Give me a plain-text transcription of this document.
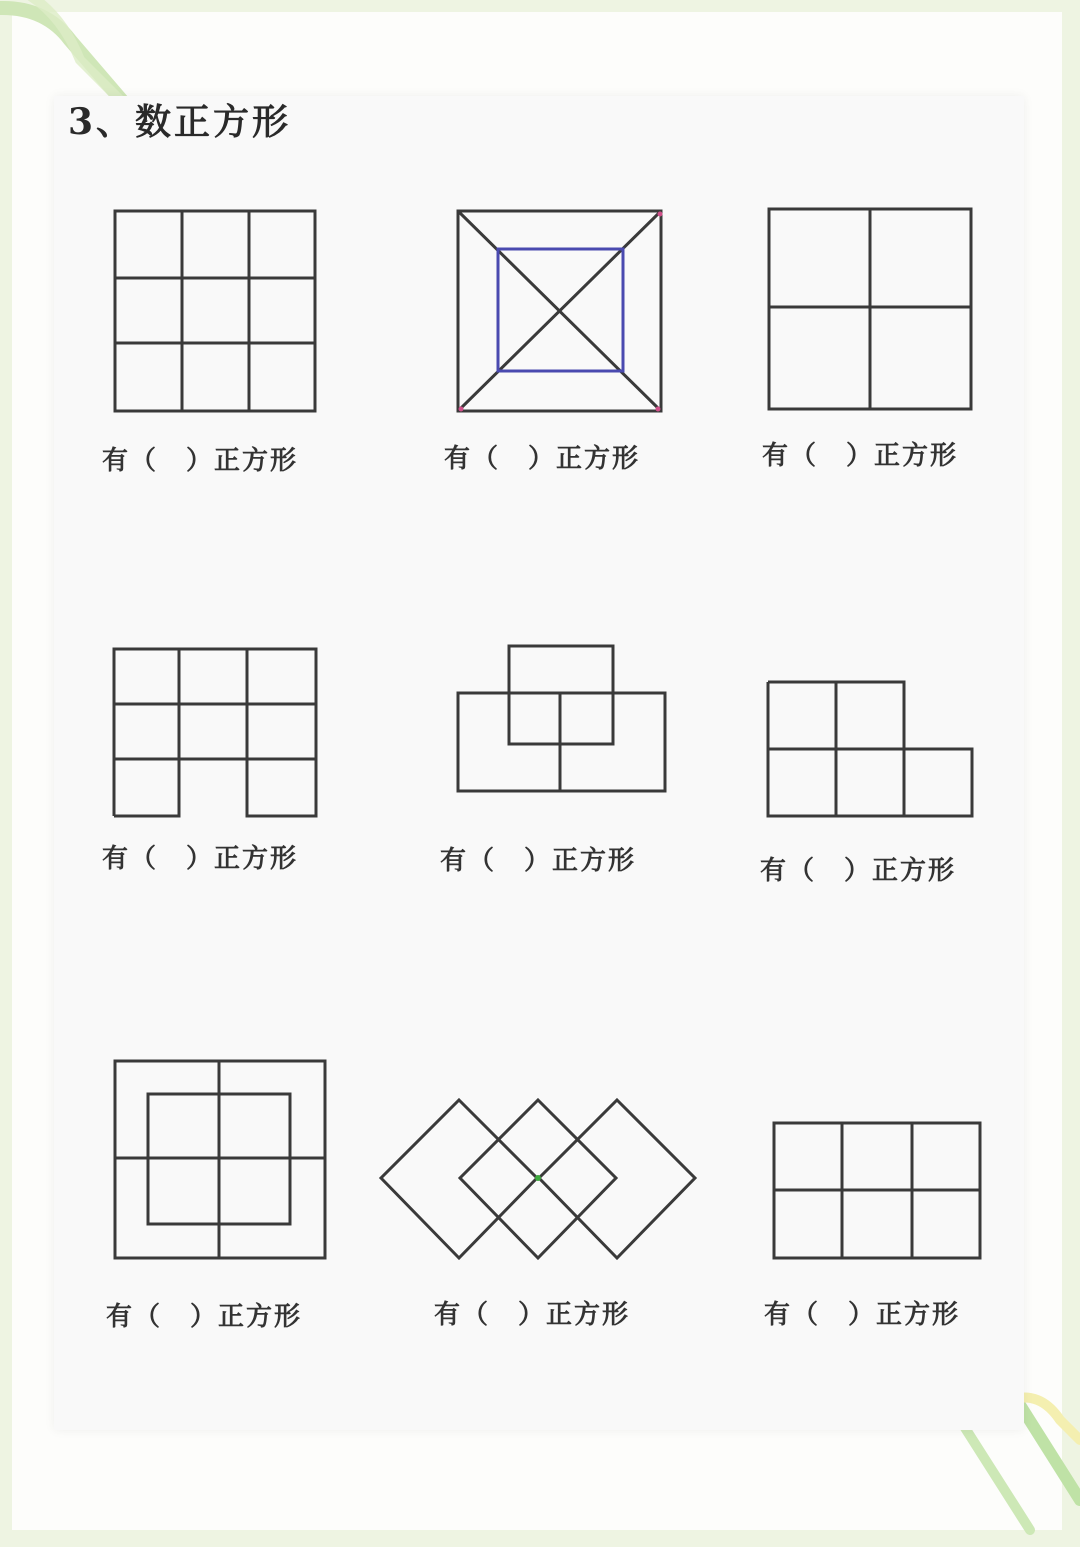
3、数正方形
有（　）正方形	有（　）正方形	有（　）正方形
有（　）正方形	有（　）正方形	有（　）正方形
有（　）正方形	有（　）正方形	有（　）正方形
